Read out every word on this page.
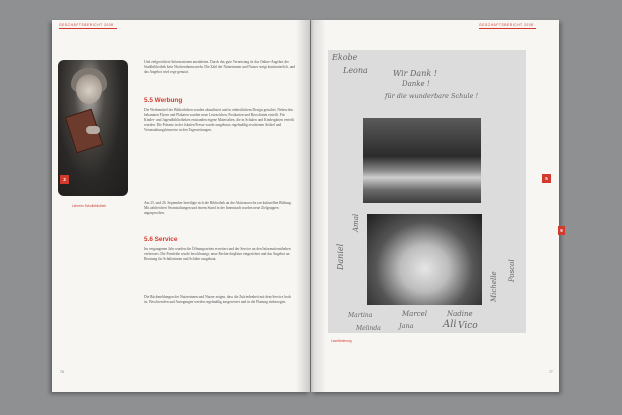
GESCHÄFTSBERICHT 2008
3
Lehrerin Schulbibliothek
Und zielgerichtete Informationen anzubieten. Durch das gute Vernetzung ist das Online-Angebot der Stadtbibliothek kein Nischenthema mehr. Die Zahl der Nutzerinnen und Nutzer steigt kontinuierlich, und das Angebot wird rege genutzt.
5.5 Werbung
Die Werbemittel der Bibliotheken wurden aktualisiert und in einheitlichem Design gestaltet. Neben den bekannten Flyern und Plakaten wurden neue Lesezeichen, Postkarten und Broschüren erstellt. Für Kinder- und Jugendbibliotheken entstanden eigene Materialien, die in Schulen und Kindergärten verteilt wurden. Die Präsenz in der lokalen Presse wurde ausgebaut; regelmäßig erschienen Artikel und Veranstaltungshinweise in den Tageszeitungen.
Am 25. und 26. September beteiligte sich die Bibliothek an der Aktionswoche zur kulturellen Bildung. Mit zahlreichen Veranstaltungen und einem Stand in der Innenstadt wurden neue Zielgruppen angesprochen.
5.6 Service
Im vergangenen Jahr wurden die Öffnungszeiten erweitert und der Service an den Informationstheken verbessert. Die Fernleihe wurde beschleunigt, neue Rechercheplätze eingerichtet und das Angebot an Beratung für Schülerinnen und Schüler ausgebaut.
Die Rückmeldungen der Nutzerinnen und Nutzer zeigen, dass die Zufriedenheit mit dem Service hoch ist. Beschwerden und Anregungen werden regelmäßig ausgewertet und in die Planung einbezogen.
76
GESCHÄFTSBERICHT 2008
Ekobe
Leona	Wir Dank !
Danke !
für die wunderbare Schule !
Daniel
Amal
Martina	Marcel	Nadine
Ali Vico
Michelle
Poscol
Melinda	Jana
Leseförderung
5
9
77
